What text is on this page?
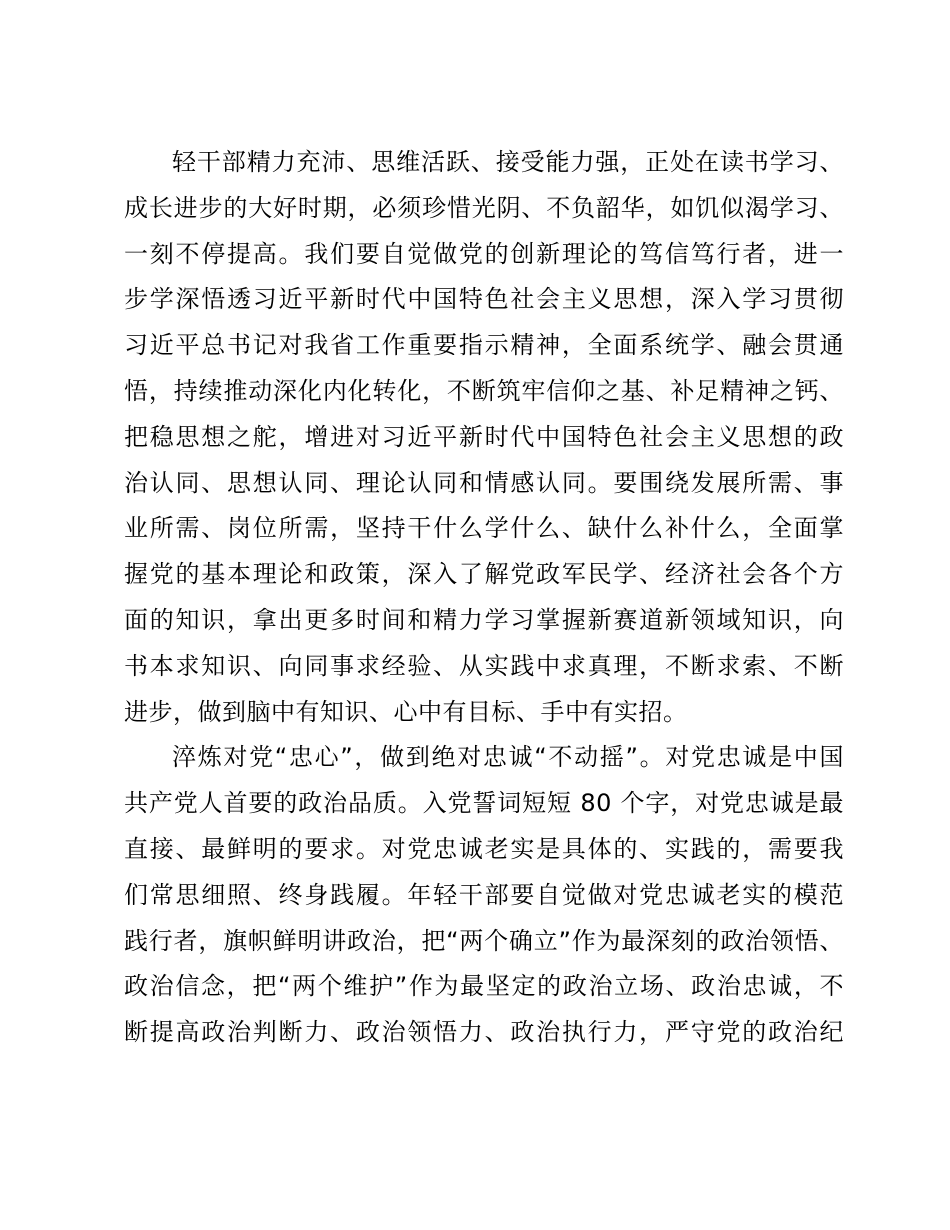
轻干部精力充沛、思维活跃、接受能力强，正处在读书学习、
成长进步的大好时期，必须珍惜光阴、不负韶华，如饥似渴学习、
一刻不停提高。我们要自觉做党的创新理论的笃信笃行者，进一
步学深悟透习近平新时代中国特色社会主义思想，深入学习贯彻
习近平总书记对我省工作重要指示精神，全面系统学、融会贯通
悟，持续推动深化内化转化，不断筑牢信仰之基、补足精神之钙、
把稳思想之舵，增进对习近平新时代中国特色社会主义思想的政
治认同、思想认同、理论认同和情感认同。要围绕发展所需、事
业所需、岗位所需，坚持干什么学什么、缺什么补什么，全面掌
握党的基本理论和政策，深入了解党政军民学、经济社会各个方
面的知识，拿出更多时间和精力学习掌握新赛道新领域知识，向
书本求知识、向同事求经验、从实践中求真理，不断求索、不断
进步，做到脑中有知识、心中有目标、手中有实招。
淬炼对党“忠心”，做到绝对忠诚“不动摇”。对党忠诚是中国
共产党人首要的政治品质。入党誓词短短 80 个字，对党忠诚是最
直接、最鲜明的要求。对党忠诚老实是具体的、实践的，需要我
们常思细照、终身践履。年轻干部要自觉做对党忠诚老实的模范
践行者，旗帜鲜明讲政治，把“两个确立”作为最深刻的政治领悟、
政治信念，把“两个维护”作为最坚定的政治立场、政治忠诚，不
断提高政治判断力、政治领悟力、政治执行力，严守党的政治纪
